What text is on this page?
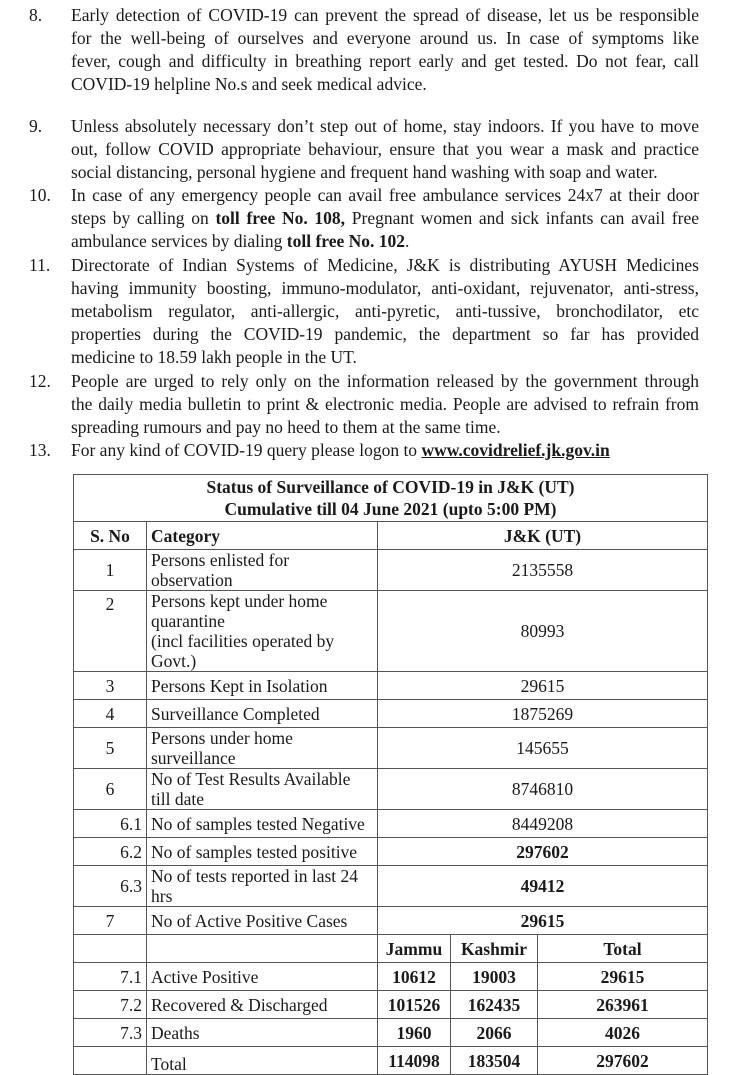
8.	Early detection of COVID-19 can prevent the spread of disease, let us be responsible
for the well-being of ourselves and everyone around us. In case of symptoms like
fever, cough and difficulty in breathing report early and get tested. Do not fear, call
COVID-19 helpline No.s and seek medical advice.
9.	Unless absolutely necessary don’t step out of home, stay indoors. If you have to move
out, follow COVID appropriate behaviour, ensure that you wear a mask and practice
social distancing, personal hygiene and frequent hand washing with soap and water.
10.	In case of any emergency people can avail free ambulance services 24x7 at their door
steps by calling on toll free No. 108, Pregnant women and sick infants can avail free
ambulance services by dialing toll free No. 102.
11.	Directorate of Indian Systems of Medicine, J&K is distributing AYUSH Medicines
having immunity boosting, immuno-modulator, anti-oxidant, rejuvenator, anti-stress,
metabolism regulator, anti-allergic, anti-pyretic, anti-tussive, bronchodilator, etc
properties during the COVID-19 pandemic, the department so far has provided
medicine to 18.59 lakh people in the UT.
12.	People are urged to rely only on the information released by the government through
the daily media bulletin to print & electronic media. People are advised to refrain from
spreading rumours and pay no heed to them at the same time.
13.	For any kind of COVID-19 query please logon to www.covidrelief.jk.gov.in
Status of Surveillance of COVID-19 in J&K (UT)
Cumulative till 04 June 2021 (upto 5:00 PM)				

S. No	Category	J&K (UT)		
1	Persons enlisted for observation	2135558		
2	Persons kept under home quarantine
(incl facilities operated by Govt.)	80993		
3	Persons Kept in Isolation	29615		
4	Surveillance Completed	1875269		
5	Persons under home surveillance	145655		
6	No of Test Results Available till date	8746810		
6.1	No of samples tested Negative	8449208		
6.2	No of samples tested positive	297602		
6.3	No of tests reported in last 24 hrs	49412		
7	No of Active Positive Cases	29615		
		Jammu	Kashmir	Total
7.1	Active Positive	10612	19003	29615
7.2	Recovered & Discharged	101526	162435	263961
7.3	Deaths	1960	2066	4026
	Total	114098	183504	297602
